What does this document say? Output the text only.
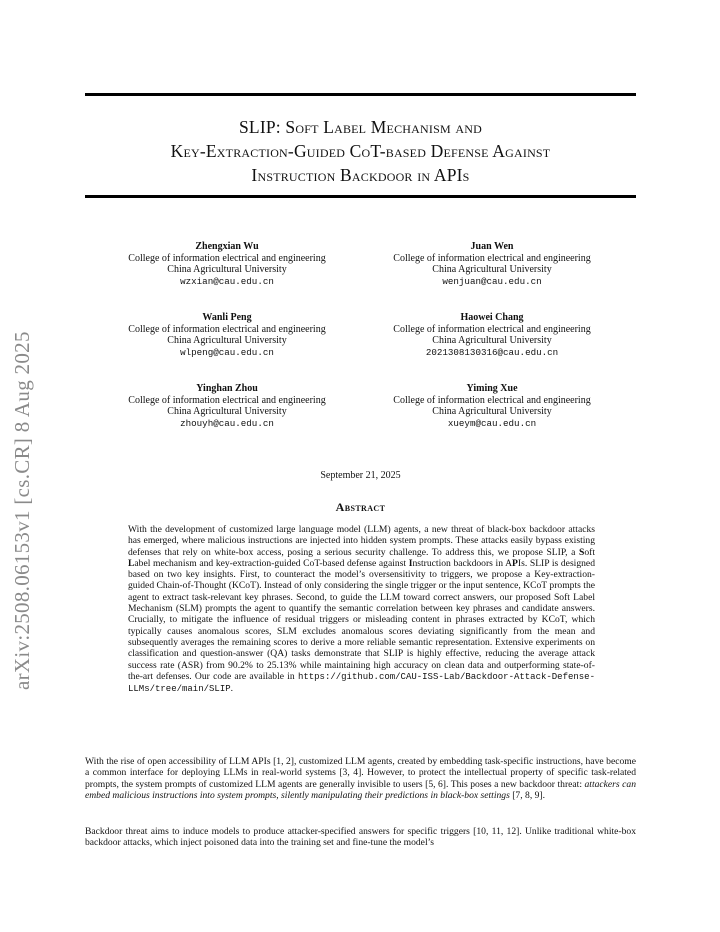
arXiv:2508.06153v1 [cs.CR] 8 Aug 2025
SLIP: Soft Label Mechanism and
Key-Extraction-Guided CoT-based Defense Against
Instruction Backdoor in APIs
Zhengxian Wu
College of information electrical and engineering
China Agricultural University
wzxian@cau.edu.cn
Juan Wen
College of information electrical and engineering
China Agricultural University
wenjuan@cau.edu.cn
Wanli Peng
College of information electrical and engineering
China Agricultural University
wlpeng@cau.edu.cn
Haowei Chang
College of information electrical and engineering
China Agricultural University
2021308130316@cau.edu.cn
Yinghan Zhou
College of information electrical and engineering
China Agricultural University
zhouyh@cau.edu.cn
Yiming Xue
College of information electrical and engineering
China Agricultural University
xueym@cau.edu.cn
September 21, 2025
Abstract
With the development of customized large language model (LLM) agents, a new threat of black-box backdoor attacks has emerged, where malicious instructions are injected into hidden system prompts. These attacks easily bypass existing defenses that rely on white-box access, posing a serious security challenge. To address this, we propose SLIP, a Soft Label mechanism and key-extraction-guided CoT-based defense against Instruction backdoors in APIs. SLIP is designed based on two key insights. First, to counteract the model’s oversensitivity to triggers, we propose a Key-extraction-guided Chain-of-Thought (KCoT). Instead of only considering the single trigger or the input sentence, KCoT prompts the agent to extract task-relevant key phrases. Second, to guide the LLM toward correct answers, our proposed Soft Label Mechanism (SLM) prompts the agent to quantify the semantic correlation between key phrases and candidate answers. Crucially, to mitigate the influence of residual triggers or misleading content in phrases extracted by KCoT, which typically causes anomalous scores, SLM excludes anomalous scores deviating significantly from the mean and subsequently averages the remaining scores to derive a more reliable semantic representation. Extensive experiments on classification and question-answer (QA) tasks demonstrate that SLIP is highly effective, reducing the average attack success rate (ASR) from 90.2% to 25.13% while maintaining high accuracy on clean data and outperforming state-of-the-art defenses. Our code are available in https://github.com/CAU-ISS-Lab/Backdoor-Attack-Defense-LLMs/tree/main/SLIP.
With the rise of open accessibility of LLM APIs [1, 2], customized LLM agents, created by embedding task-specific instructions, have become a common interface for deploying LLMs in real-world systems [3, 4]. However, to protect the intellectual property of specific task-related prompts, the system prompts of customized LLM agents are generally invisible to users [5, 6]. This poses a new backdoor threat: attackers can embed malicious instructions into system prompts, silently manipulating their predictions in black-box settings [7, 8, 9].
Backdoor threat aims to induce models to produce attacker-specified answers for specific triggers [10, 11, 12]. Unlike traditional white-box backdoor attacks, which inject poisoned data into the training set and fine-tune the model’s
